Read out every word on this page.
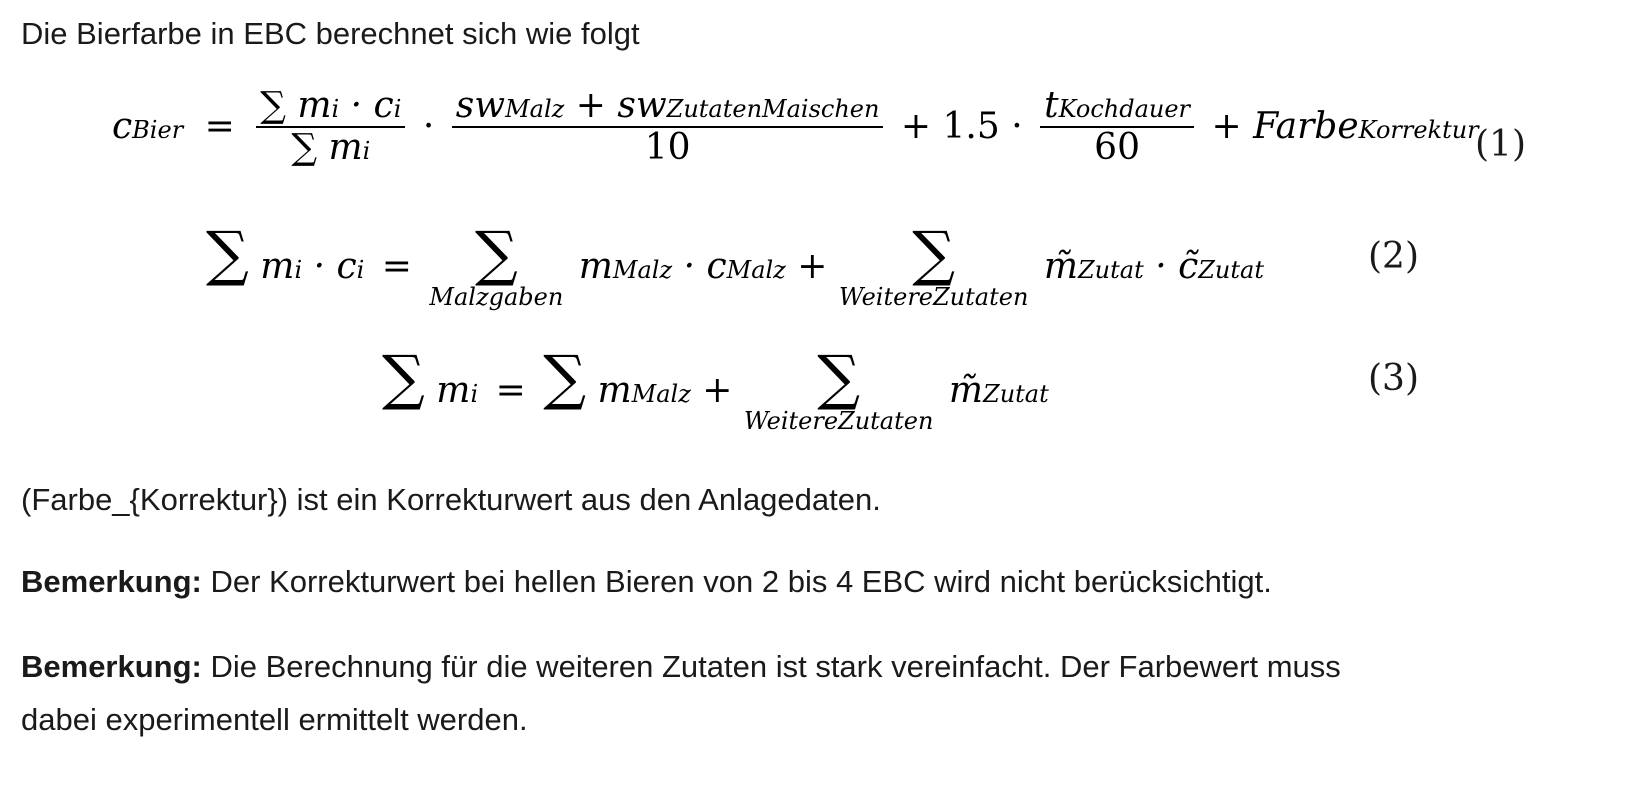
Die Bierfarbe in EBC berechnet sich wie folgt
cBier = $\frac{\sum mi \cdot ci}{\sum mi} \cdot \frac{\text{swMalz + swZutatenMaischen}}{10} + 1.5 \cdot \frac{\text{tKochdauer}}{60}$ + FarbeKorrektur
(1)
∑
mi · ci =	∑
Malzgaben
mMalz · cMalz +	∑
WeitereZutaten
m̃Zutat · c̃Zutat	(2)
∑
mi = ∑
mMalz +	∑
WeitereZutaten
m̃Zutat	(3)
(Farbe_{Korrektur}) ist ein Korrekturwert aus den Anlagedaten.
Bemerkung: Der Korrekturwert bei hellen Bieren von 2 bis 4 EBC wird nicht berücksichtigt.
Bemerkung: Die Berechnung für die weiteren Zutaten ist stark vereinfacht. Der Farbewert muss
dabei experimentell ermittelt werden.
